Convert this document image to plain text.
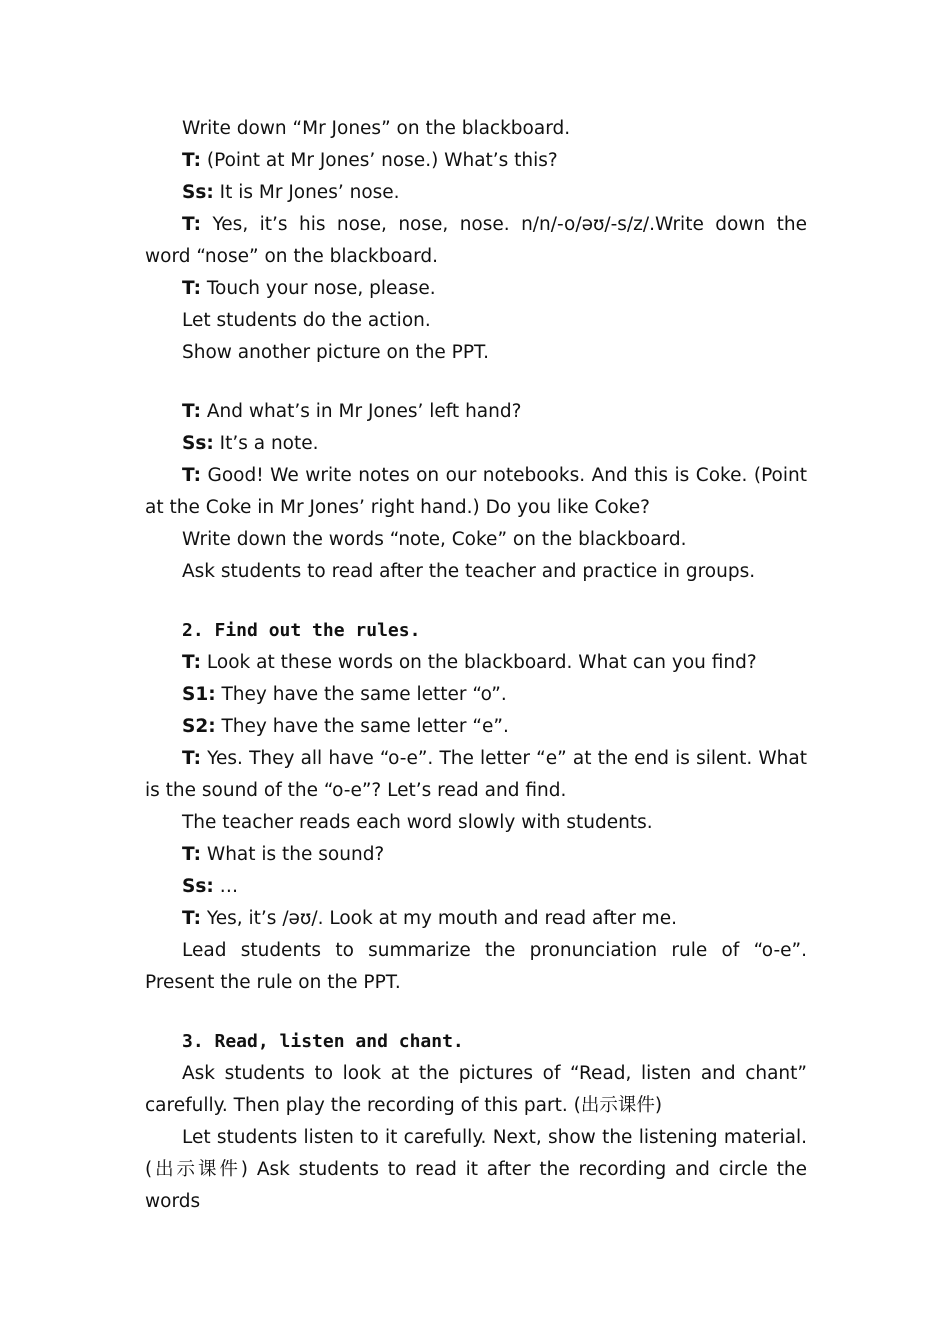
Write down “Mr Jones” on the blackboard.

T: (Point at Mr Jones’ nose.) What’s this?

Ss: It is Mr Jones’ nose.

T: Yes, it’s his nose, nose, nose. n/n/-o/əʊ/-s/z/.Write down the word “nose” on the blackboard.

T: Touch your nose, please.

Let students do the action.

Show another picture on the PPT.

T: And what’s in Mr Jones’ left hand?

Ss: It’s a note.

T: Good! We write notes on our notebooks. And this is Coke. (Point at the Coke in Mr Jones’ right hand.) Do you like Coke?

Write down the words “note, Coke” on the blackboard.

Ask students to read after the teacher and practice in groups.

2. Find out the rules.

T: Look at these words on the blackboard. What can you find?

S1: They have the same letter “o”.

S2: They have the same letter “e”.

T: Yes. They all have “o-e”. The letter “e” at the end is silent. What is the sound of the “o-e”? Let’s read and find.

The teacher reads each word slowly with students.

T: What is the sound?

Ss: …

T: Yes, it’s /əʊ/. Look at my mouth and read after me.

Lead students to summarize the pronunciation rule of “o-e”. Present the rule on the PPT.

3. Read, listen and chant.

Ask students to look at the pictures of “Read, listen and chant” carefully. Then play the recording of this part. (出示课件)

Let students listen to it carefully. Next, show the listening material. (出示课件) Ask students to read it after the recording and circle the words
